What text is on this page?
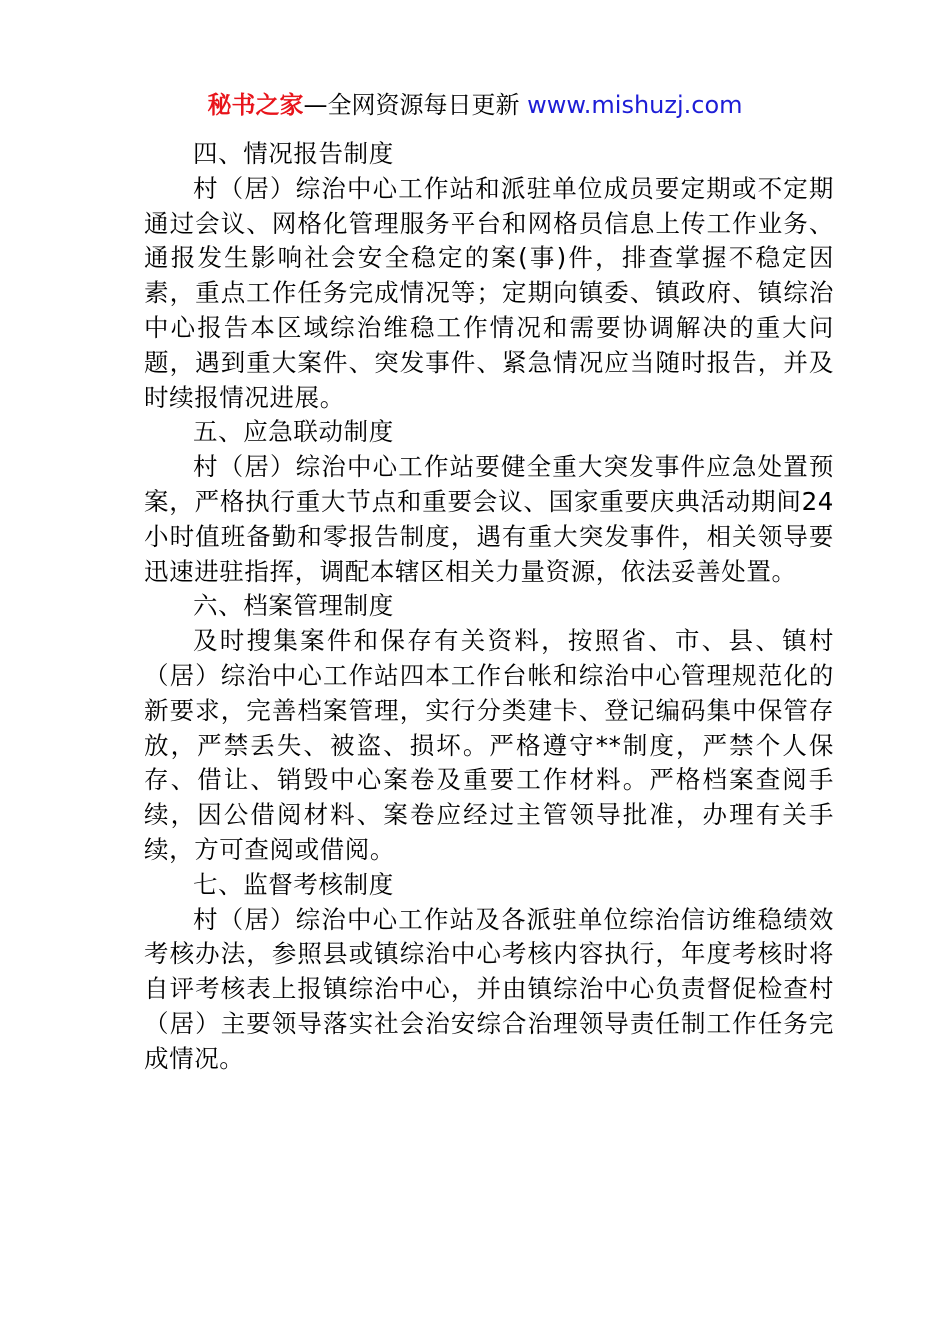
秘书之家—全网资源每日更新 www.mishuzj.com

四、情况报告制度

村（居）综治中心工作站和派驻单位成员要定期或不定期通过会议、网格化管理服务平台和网格员信息上传工作业务、通报发生影响社会安全稳定的案(事)件，排查掌握不稳定因素，重点工作任务完成情况等；定期向镇委、镇政府、镇综治中心报告本区域综治维稳工作情况和需要协调解决的重大问题，遇到重大案件、突发事件、紧急情况应当随时报告，并及时续报情况进展。

五、应急联动制度

村（居）综治中心工作站要健全重大突发事件应急处置预案，严格执行重大节点和重要会议、国家重要庆典活动期间24小时值班备勤和零报告制度，遇有重大突发事件，相关领导要迅速进驻指挥，调配本辖区相关力量资源，依法妥善处置。

六、档案管理制度

及时搜集案件和保存有关资料，按照省、市、县、镇村（居）综治中心工作站四本工作台帐和综治中心管理规范化的新要求，完善档案管理，实行分类建卡、登记编码集中保管存放，严禁丢失、被盗、损坏。严格遵守**制度，严禁个人保存、借让、销毁中心案卷及重要工作材料。严格档案查阅手续，因公借阅材料、案卷应经过主管领导批准，办理有关手续，方可查阅或借阅。

七、监督考核制度

村（居）综治中心工作站及各派驻单位综治信访维稳绩效考核办法，参照县或镇综治中心考核内容执行，年度考核时将自评考核表上报镇综治中心，并由镇综治中心负责督促检查村（居）主要领导落实社会治安综合治理领导责任制工作任务完成情况。
